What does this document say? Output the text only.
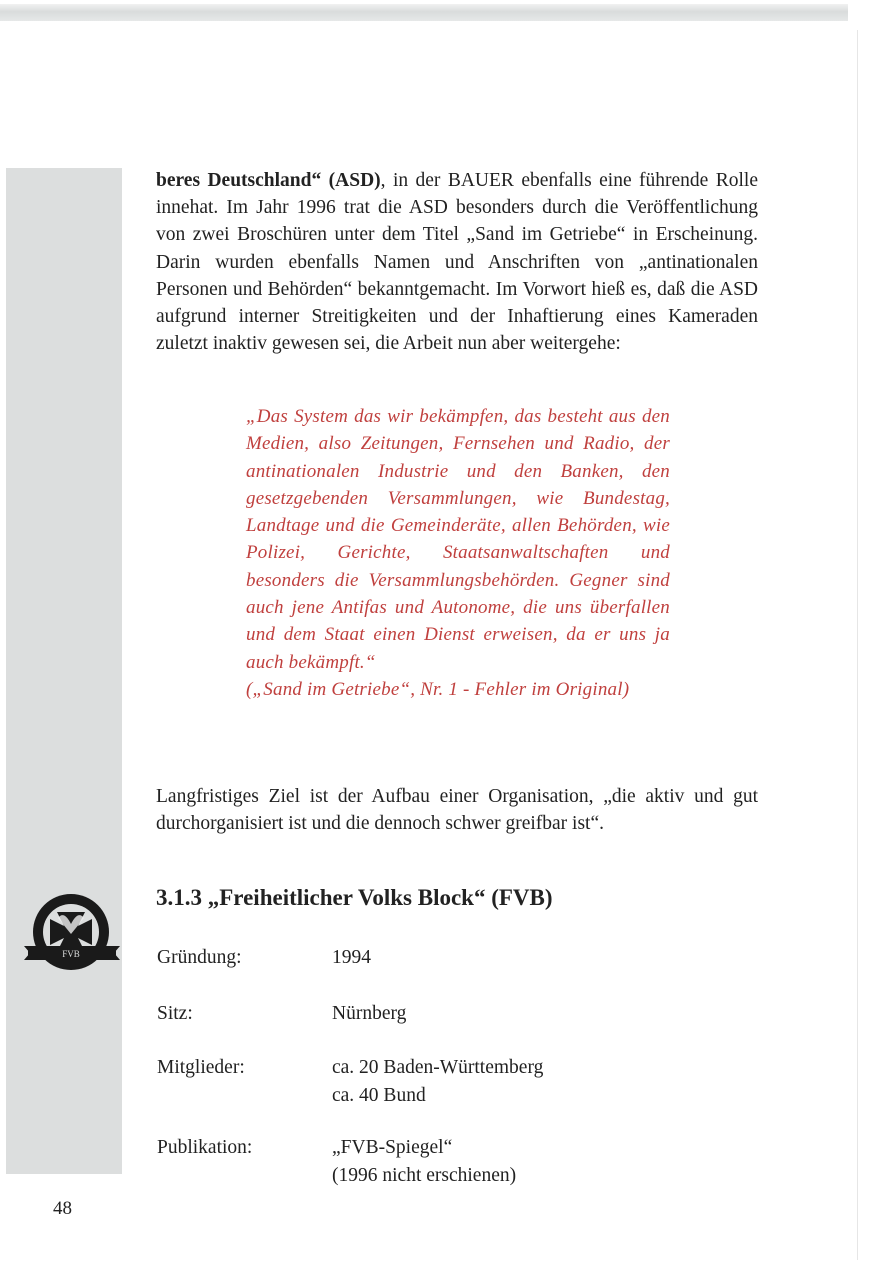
beres Deutschland“ (ASD), in der BAUER ebenfalls eine führende Rolle innehat. Im Jahr 1996 trat die ASD besonders durch die Veröffentlichung von zwei Broschüren unter dem Titel „Sand im Getriebe“ in Erscheinung. Darin wurden ebenfalls Namen und Anschriften von „antinationalen Personen und Behörden“ bekanntgemacht. Im Vorwort hieß es, daß die ASD aufgrund interner Streitigkeiten und der Inhaftierung eines Kameraden zuletzt inaktiv gewesen sei, die Arbeit nun aber weitergehe:

„Das System das wir bekämpfen, das besteht aus den Medien, also Zeitungen, Fernsehen und Radio, der antinationalen Industrie und den Banken, den gesetzgebenden Versammlungen, wie Bundestag, Landtage und die Gemeinderäte, allen Behörden, wie Polizei, Gerichte, Staatsanwaltschaften und besonders die Versammlungsbehörden. Gegner sind auch jene Antifas und Autonome, die uns überfallen und dem Staat einen Dienst erweisen, da er uns ja auch bekämpft.“
(„Sand im Getriebe“, Nr. 1 - Fehler im Original)

Langfristiges Ziel ist der Aufbau einer Organisation, „die aktiv und gut durchorganisiert ist und die dennoch schwer greifbar ist“.

FVB
3.1.3 „Freiheitlicher Volks Block“ (FVB)
Gründung:	1994
Sitz:	Nürnberg
Mitglieder:	ca. 20 Baden-Württemberg
ca. 40 Bund
Publikation:	„FVB-Spiegel“
(1996 nicht erschienen)
48
